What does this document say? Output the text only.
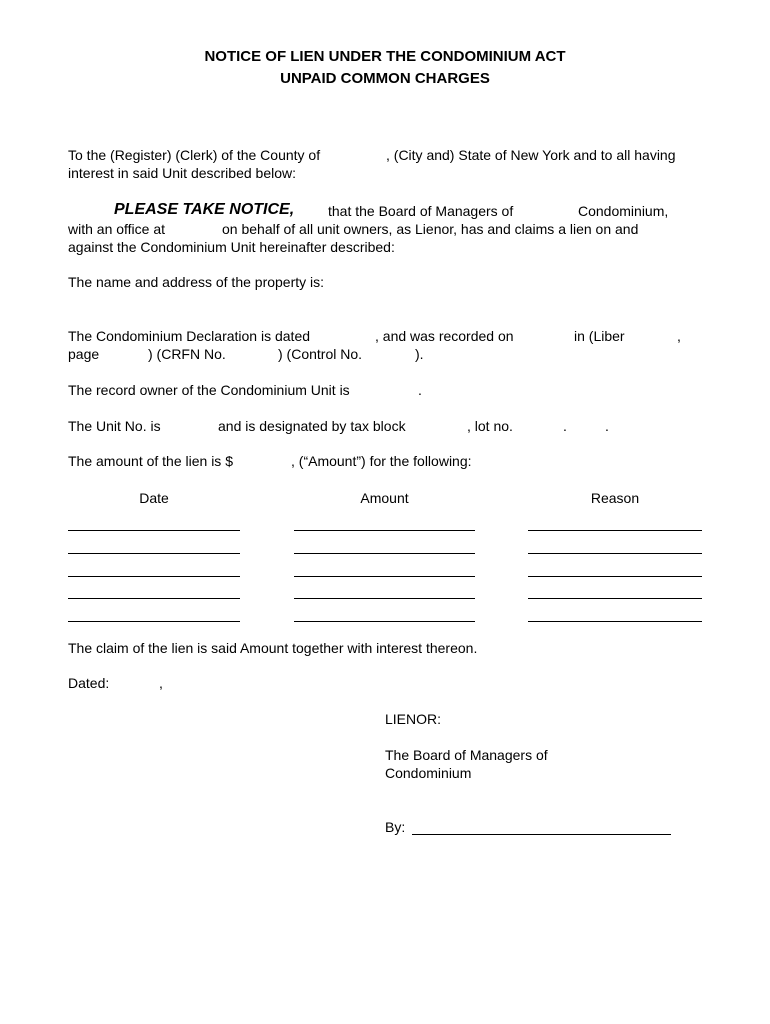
NOTICE OF LIEN UNDER THE CONDOMINIUM ACT
UNPAID COMMON CHARGES
To the (Register) (Clerk) of the County of	, (City and) State of New York and to all having
interest in said Unit described below:
PLEASE TAKE NOTICE, that the Board of Managers of	Condominium,
with an office at	on behalf of all unit owners, as Lienor, has and claims a lien on and
against the Condominium Unit hereinafter described:
The name and address of the property is:
The Condominium Declaration is dated	, and was recorded on	in (Liber	,
page	) (CRFN No.	) (Control No.	).
The record owner of the Condominium Unit is	.
The Unit No. is	and is designated by tax block	, lot no.	.	.
The amount of the lien is $	, (“Amount”) for the following:
Date	Amount	Reason
The claim of the lien is said Amount together with interest thereon.
Dated:	,
LIENOR:
The Board of Managers of
Condominium
By:
